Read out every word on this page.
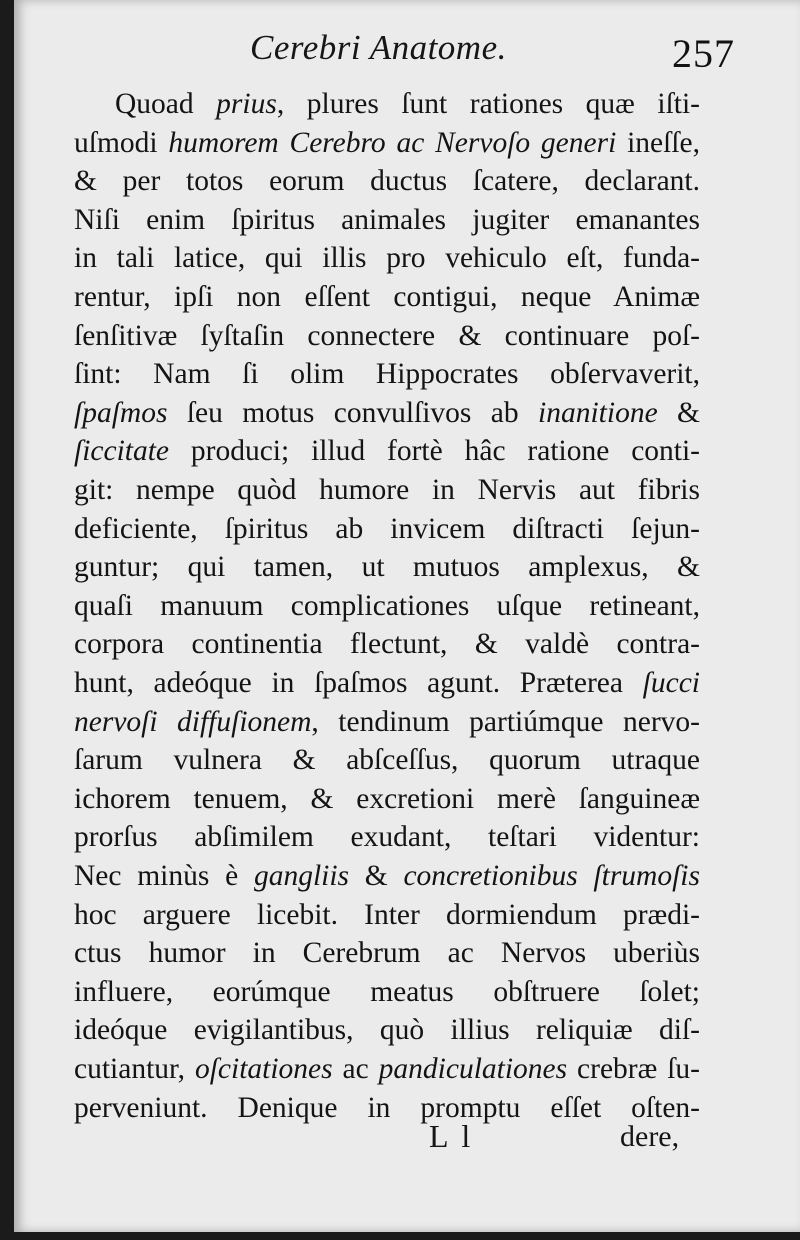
Cerebri Anatome.	257
Quoad prius, plures ſunt rationes quæ iſti-
uſmodi humorem Cerebro ac Nervoſo generi ineſſe,
& per totos eorum ductus ſcatere, declarant.
Niſi enim ſpiritus animales jugiter emanantes
in tali latice, qui illis pro vehiculo eſt, funda-
rentur, ipſi non eſſent contigui, neque Animæ
ſenſitivæ ſyſtaſin connectere & continuare poſ-
ſint: Nam ſi olim Hippocrates obſervaverit,
ſpaſmos ſeu motus convulſivos ab inanitione &
ſiccitate produci; illud fortè hâc ratione conti-
git: nempe quòd humore in Nervis aut fibris
deficiente, ſpiritus ab invicem diſtracti ſejun-
guntur; qui tamen, ut mutuos amplexus, &
quaſi manuum complicationes uſque retineant,
corpora continentia flectunt, & valdè contra-
hunt, adeóque in ſpaſmos agunt. Præterea ſucci
nervoſi diffuſionem, tendinum partiúmque nervo-
ſarum vulnera & abſceſſus, quorum utraque
ichorem tenuem, & excretioni merè ſanguineæ
prorſus abſimilem exudant, teſtari videntur:
Nec minùs è gangliis & concretionibus ſtrumoſis
hoc arguere licebit. Inter dormiendum prædi-
ctus humor in Cerebrum ac Nervos uberiùs
influere, eorúmque meatus obſtruere ſolet;
ideóque evigilantibus, quò illius reliquiæ diſ-
cutiantur, oſcitationes ac pandiculationes crebræ ſu-
perveniunt. Denique in promptu eſſet oſten-
L l	dere,
